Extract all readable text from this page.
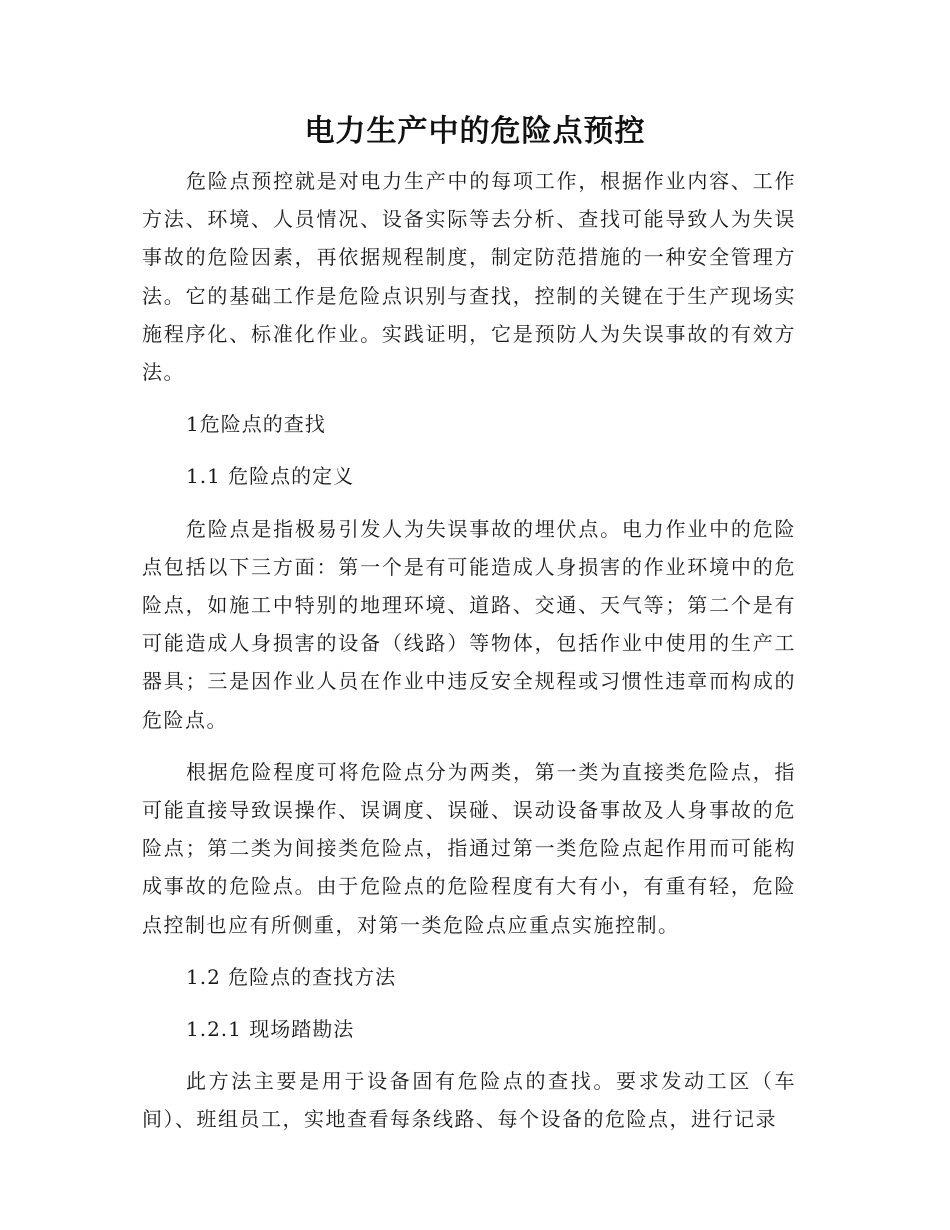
电力生产中的危险点预控

危险点预控就是对电力生产中的每项工作，根据作业内容、工作方法、环境、人员情况、设备实际等去分析、查找可能导致人为失误事故的危险因素，再依据规程制度，制定防范措施的一种安全管理方法。它的基础工作是危险点识别与查找，控制的关键在于生产现场实施程序化、标准化作业。实践证明，它是预防人为失误事故的有效方法。

1危险点的查找

1.1 危险点的定义

危险点是指极易引发人为失误事故的埋伏点。电力作业中的危险点包括以下三方面：第一个是有可能造成人身损害的作业环境中的危险点，如施工中特别的地理环境、道路、交通、天气等；第二个是有可能造成人身损害的设备（线路）等物体，包括作业中使用的生产工器具；三是因作业人员在作业中违反安全规程或习惯性违章而构成的危险点。

根据危险程度可将危险点分为两类，第一类为直接类危险点，指可能直接导致误操作、误调度、误碰、误动设备事故及人身事故的危险点；第二类为间接类危险点，指通过第一类危险点起作用而可能构成事故的危险点。由于危险点的危险程度有大有小，有重有轻，危险点控制也应有所侧重，对第一类危险点应重点实施控制。

1.2 危险点的查找方法

1.2.1 现场踏勘法

此方法主要是用于设备固有危险点的查找。要求发动工区（车间）、班组员工，实地查看每条线路、每个设备的危险点，进行记录
